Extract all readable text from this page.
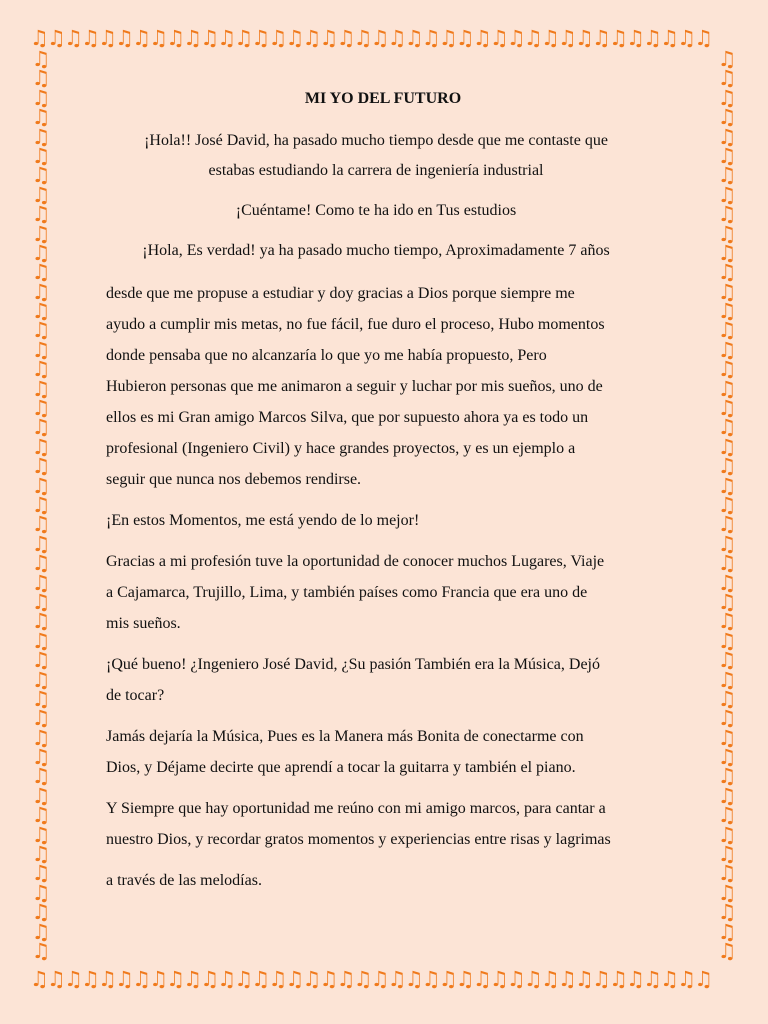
♫♫♫♫♫♫♫♫♫♫♫♫♫♫♫♫♫♫♫♫♫♫♫♫♫♫♫♫♫♫♫♫♫♫♫♫♫♫♫♫
♫♫♫♫♫♫♫♫♫♫♫♫♫♫♫♫♫♫♫♫♫♫♫♫♫♫♫♫♫♫♫♫♫♫♫♫♫♫♫♫
♫
♫
♫
♫
♫
♫
♫
♫
♫
♫
♫
♫
♫
♫
♫
♫
♫
♫
♫
♫
♫
♫
♫
♫
♫
♫
♫
♫
♫
♫
♫
♫
♫
♫
♫
♫
♫
♫
♫
♫
♫
♫
♫
♫
♫
♫
♫
♫
♫
♫
♫
♫
♫
♫
♫
♫
♫
♫
♫
♫
♫
♫
♫
♫
♫
♫
♫
♫
♫
♫
♫
♫
♫
♫
♫
♫
♫
♫
♫
♫
♫
♫
♫
♫
♫
♫
♫
♫
♫
♫
♫
♫
♫
♫

MI YO DEL FUTURO

¡Hola!! José David, ha pasado mucho tiempo desde que me contaste que

estabas estudiando la carrera de ingeniería industrial

¡Cuéntame! Como te ha ido en Tus estudios

¡Hola, Es verdad! ya ha pasado mucho tiempo, Aproximadamente 7 años

desde que me propuse a estudiar y doy gracias a Dios porque siempre me

ayudo a cumplir mis metas, no fue fácil, fue duro el proceso, Hubo momentos

donde pensaba que no alcanzaría lo que yo me había propuesto, Pero

Hubieron personas que me animaron a seguir y luchar por mis sueños, uno de

ellos es mi Gran amigo Marcos Silva, que por supuesto ahora ya es todo un

profesional (Ingeniero Civil) y hace grandes proyectos, y es un ejemplo a

seguir que nunca nos debemos rendirse.

¡En estos Momentos, me está yendo de lo mejor!

Gracias a mi profesión tuve la oportunidad de conocer muchos Lugares, Viaje

a Cajamarca, Trujillo, Lima, y también países como Francia que era uno de

mis sueños.

¡Qué bueno! ¿Ingeniero José David, ¿Su pasión También era la Música, Dejó

de tocar?

Jamás dejaría la Música, Pues es la Manera más Bonita de conectarme con

Dios, y Déjame decirte que aprendí a tocar la guitarra y también el piano.

Y Siempre que hay oportunidad me reúno con mi amigo marcos, para cantar a

nuestro Dios, y recordar gratos momentos y experiencias entre risas y lagrimas

a través de las melodías.
